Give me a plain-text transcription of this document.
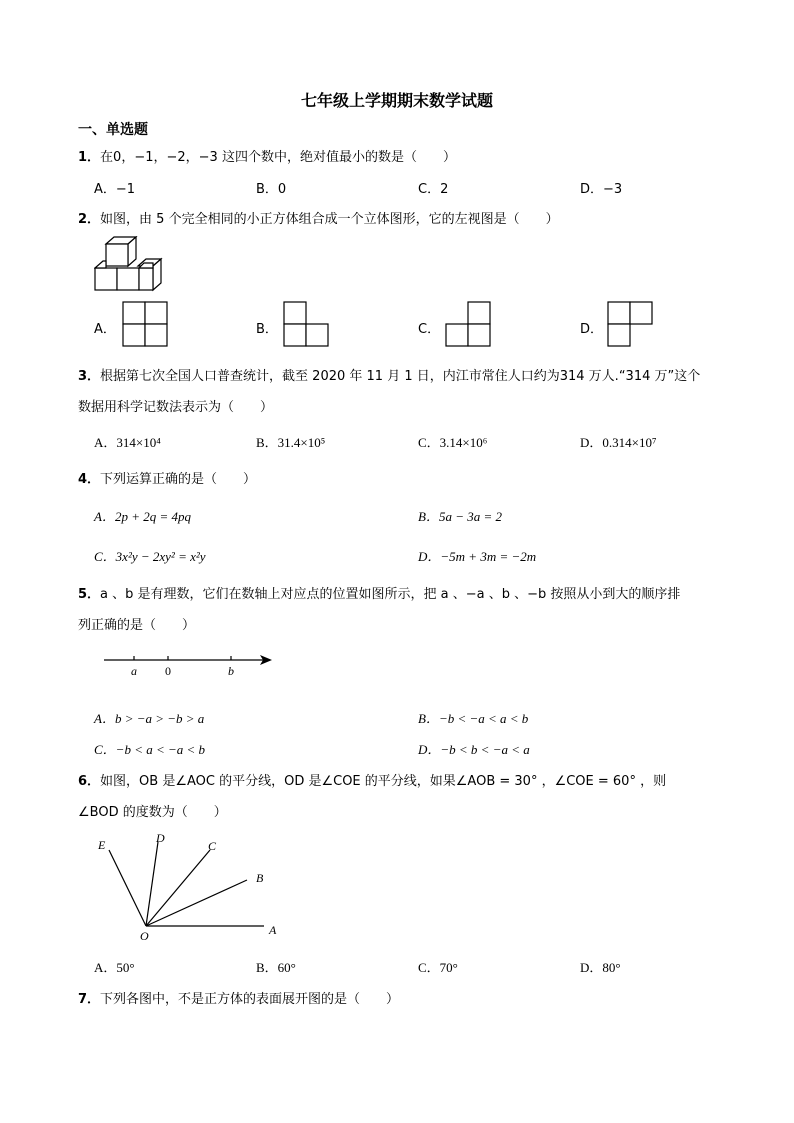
七年级上学期期末数学试题
一、单选题
1．在0，−1，−2，−3 这四个数中，绝对值最小的数是（　　）
A．−1	B．0	C．2	D．−3
2．如图，由 5 个完全相同的小正方体组合成一个立体图形，它的左视图是（　　）
A．	B．	C．	D．
3．根据第七次全国人口普查统计，截至 2020 年 11 月 1 日，内江市常住人口约为314 万人.“314 万”这个
数据用科学记数法表示为（　　）
A．314×10⁴	B．31.4×10⁵	C．3.14×10⁶	D．0.314×10⁷
4．下列运算正确的是（　　）
A．2p + 2q = 4pq	B．5a − 3a = 2
C．3x²y − 2xy² = x²y	D．−5m + 3m = −2m
5．a 、b 是有理数，它们在数轴上对应点的位置如图所示，把 a 、−a 、b 、−b 按照从小到大的顺序排
列正确的是（　　）
a 0	b
A．b > −a > −b > a	B．−b < −a < a < b
C．−b < a < −a < b	D．−b < b < −a < a
6．如图，OB 是∠AOC 的平分线，OD 是∠COE 的平分线，如果∠AOB = 30° ，∠COE = 60° ，则
∠BOD 的度数为（　　）
E	D
C
B
A
O
A．50°	B．60°	C．70°	D．80°
7．下列各图中，不是正方体的表面展开图的是（　　）
